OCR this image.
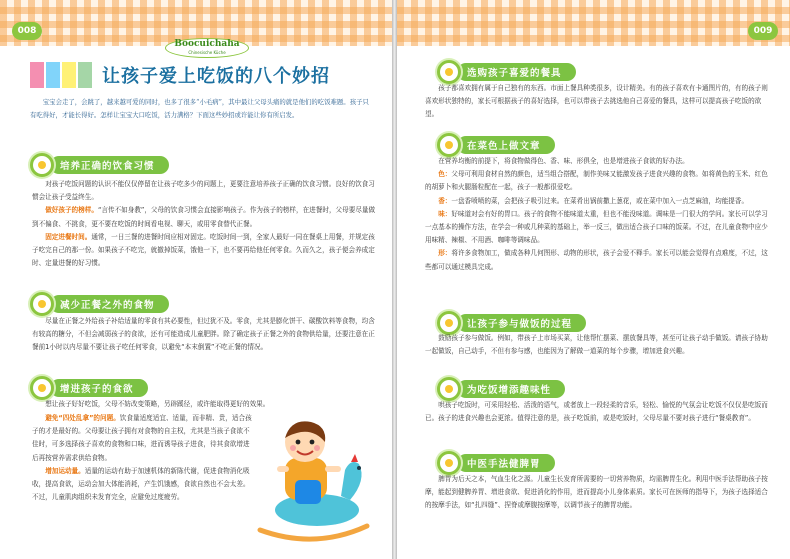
008
Boocuichaha
Chinesische Küche
让孩子爱上吃饭的八个妙招

宝宝会走了，会跳了，越来越可爱的同时，也多了很多“小毛病”，其中最让父母头痛的就是他们的吃饭难题。孩子只有吃得好，才能长得好。怎样让宝宝大口吃饭，活力满格？下面这些妙招或许能让你有所启发。

培养正确的饮食习惯

对孩子吃饭问题的认识不能仅仅停留在让孩子吃多少的问题上，更要注意培养孩子正确的饮食习惯。良好的饮食习惯会让孩子受益终生。

做好孩子的榜样。“言传不如身教”，父母的饮食习惯会直接影响孩子。作为孩子的榜样，在进餐时，父母要尽量做到不偏食、不挑食，更不要在吃饭的时间看电视、聊天，或用零食替代正餐。

固定进餐时间。通常，一日三餐的进餐时间应相对固定。吃饭时间一到，全家人最好一同在餐桌上用餐，并规定孩子吃完自己的那一份。如果孩子不吃完，就撤掉饭菜，饿他一下，也不要再给他任何零食。久而久之，孩子便会养成定时、定量进餐的好习惯。

减少正餐之外的食物

尽量在正餐之外给孩子补给适量的零食有其必要性，但过犹不及。零食，尤其是膨化饼干、碳酸饮料等食物，均含有较高的糖分，不但会减弱孩子的食欲，还有可能造成儿童肥胖。除了确定孩子正餐之外的食物供给量，还要注意在正餐前1小时以内尽量不要让孩子吃任何零食，以避免“本末倒置”不吃正餐的情况。

增进孩子的食欲

想让孩子好好吃饭，父母不妨改变策略，另辟蹊径，或许能取得更好的效果。

避免“四处乱拿”的问题。饮食量适度适宜、适量，而非精、贵，适合孩子的才是最好的。父母要让孩子拥有对食物的自主权，尤其是当孩子食欲不佳时，可多选择孩子喜欢的食物和口味，进而诱导孩子进食，待其食欲增进后再按营养需求供给食物。

增加运动量。适量的运动有助于加速机体的新陈代谢，促进食物消化吸收，提高食欲，运动会加大体能消耗，产生饥饿感，食欲自然也不会太差。不过，儿童肌肉组织未发育完全，应避免过度疲劳。

009
选购孩子喜爱的餐具

孩子都喜欢拥有属于自己独有的东西。市面上餐具种类很多，设计精美。有的孩子喜欢有卡通图片的，有的孩子则喜欢形状独特的，家长可根据孩子的喜好选择，也可以带孩子去挑选他自己喜爱的餐具，这样可以提高孩子吃饭的欲望。

在菜色上做文章

在营养均衡的前提下，将食物做得色、香、味、形俱全，也是增进孩子食欲的好办法。

色：父母可利用食材自然的颜色，适当组合搭配，制作美味又能激发孩子进食兴趣的食物。如将黄色的玉米、红色的胡萝卜和火腿肠粒配在一起，孩子一般都很爱吃。

香：一盘香喷喷的菜，会把孩子吸引过来。在菜肴出锅前撒上葱花，或在菜中加入一点芝麻油，均能提香。

味：好味道对会有好的胃口。孩子的食物不能味道太重，但也不能没味道。调味是一门很大的学问。家长可以学习一点基本的操作方法，在学会一种或几种菜的基础上，举一反三，做出适合孩子口味的饭菜。不过，在儿童食物中应少用味精、辣椒、不用酒、咖啡等调味品。

形：将许多食物加工，做成各种几何图形、动物的形状，孩子会爱不释手。家长可以能会觉得有点难度，不过，这些都可以通过模具完成。

让孩子参与做饭的过程

鼓励孩子参与做饭。例如，带孩子上市场买菜，让他帮忙摆菜、摆放餐具等，甚至可让孩子动手做饭。请孩子协助一起做饭，自己动手，不但有参与感，也能因为了解做一道菜的每个步骤，增加进食兴趣。

为吃饭增添趣味性

哄孩子吃饭时，可采用轻松、活泼的语气，或者放上一段轻柔的音乐，轻松、愉悦的气氛会让吃饭不仅仅是吃饭而已。孩子的进食兴趣也会更浓。值得注意的是，孩子吃饭前，或是吃饭时，父母尽量不要对孩子进行“餐桌教育”。

中医手法健脾胃

脾胃为后天之本，气血生化之源。儿童生长发育所需要的一切营养物质，均需脾胃生化。利用中医手法帮助孩子按摩，能起到健脾养胃、增进食欲、促进消化的作用，进而提高小儿身体素质。家长可在医师的指导下，为孩子选择适合的按摩手法，如“扎四缝”、捏脊或摩腹按摩等，以调节孩子的脾胃功能。
